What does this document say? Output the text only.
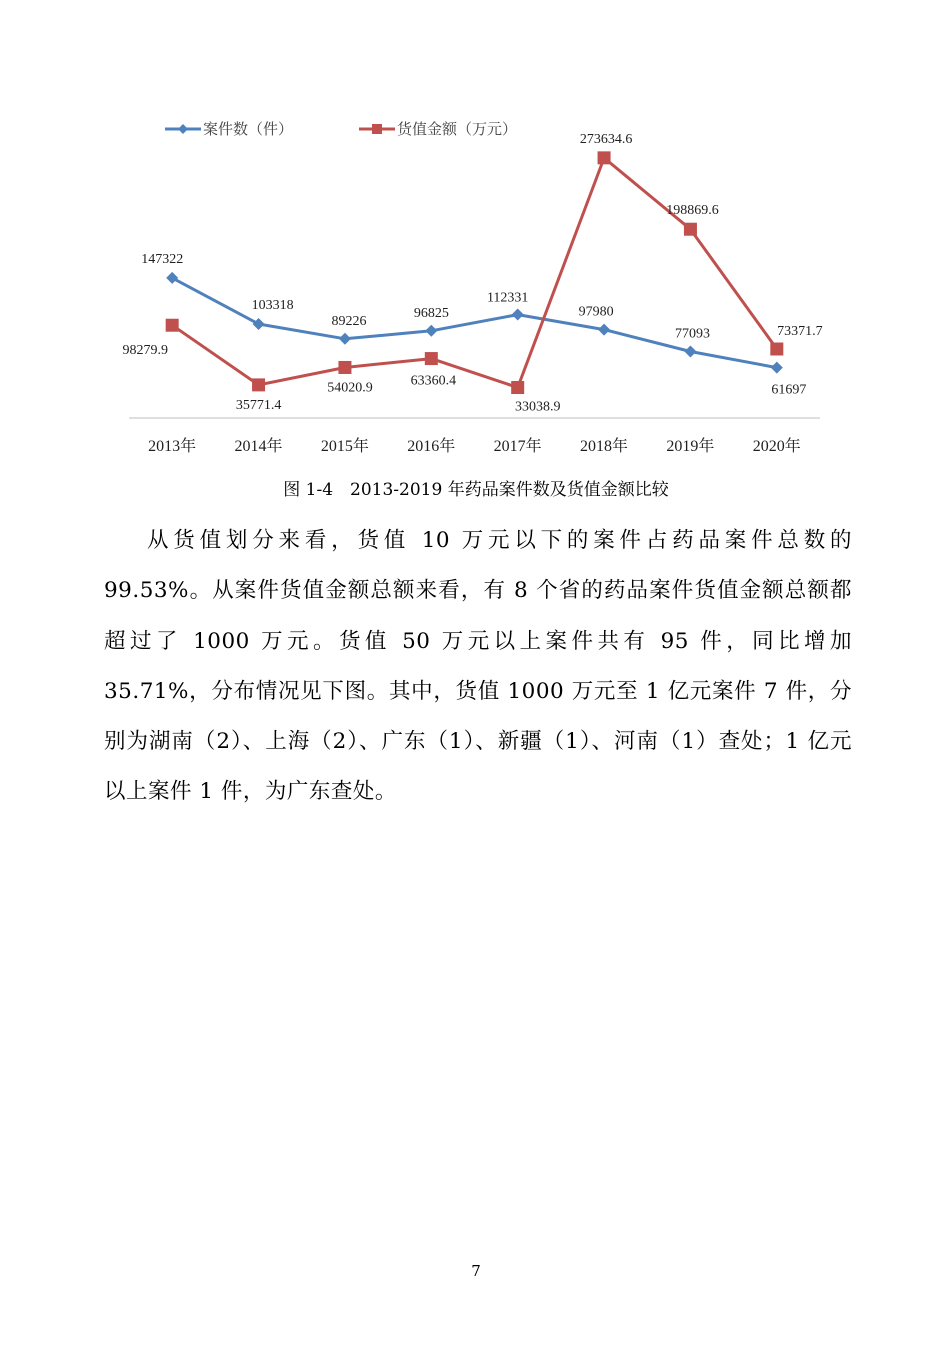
2013年 2014年 2015年 2016年 2017年 2018年 2019年 2020年
147322
103318
89226
96825
112331
97980
77093
61697
98279.9
35771.4
54020.9	63360.4
33038.9
273634.6
198869.6
73371.7
案件数（件）	货值金额（万元）
图 1-4　2013-2019 年药品案件数及货值金额比较

从货值划分来看，货值 10 万元以下的案件占药品案件总数的 99.53%。从案件货值金额总额来看，有 8 个省的药品案件货值金额总额都超过了 1000 万元。货值 50 万元以上案件共有 95 件，同比增加 35.71%，分布情况见下图。其中，货值 1000 万元至 1 亿元案件 7 件，分别为湖南（2）、上海（2）、广东（1）、新疆（1）、河南（1）查处；1 亿元以上案件 1 件，为广东查处。

7
